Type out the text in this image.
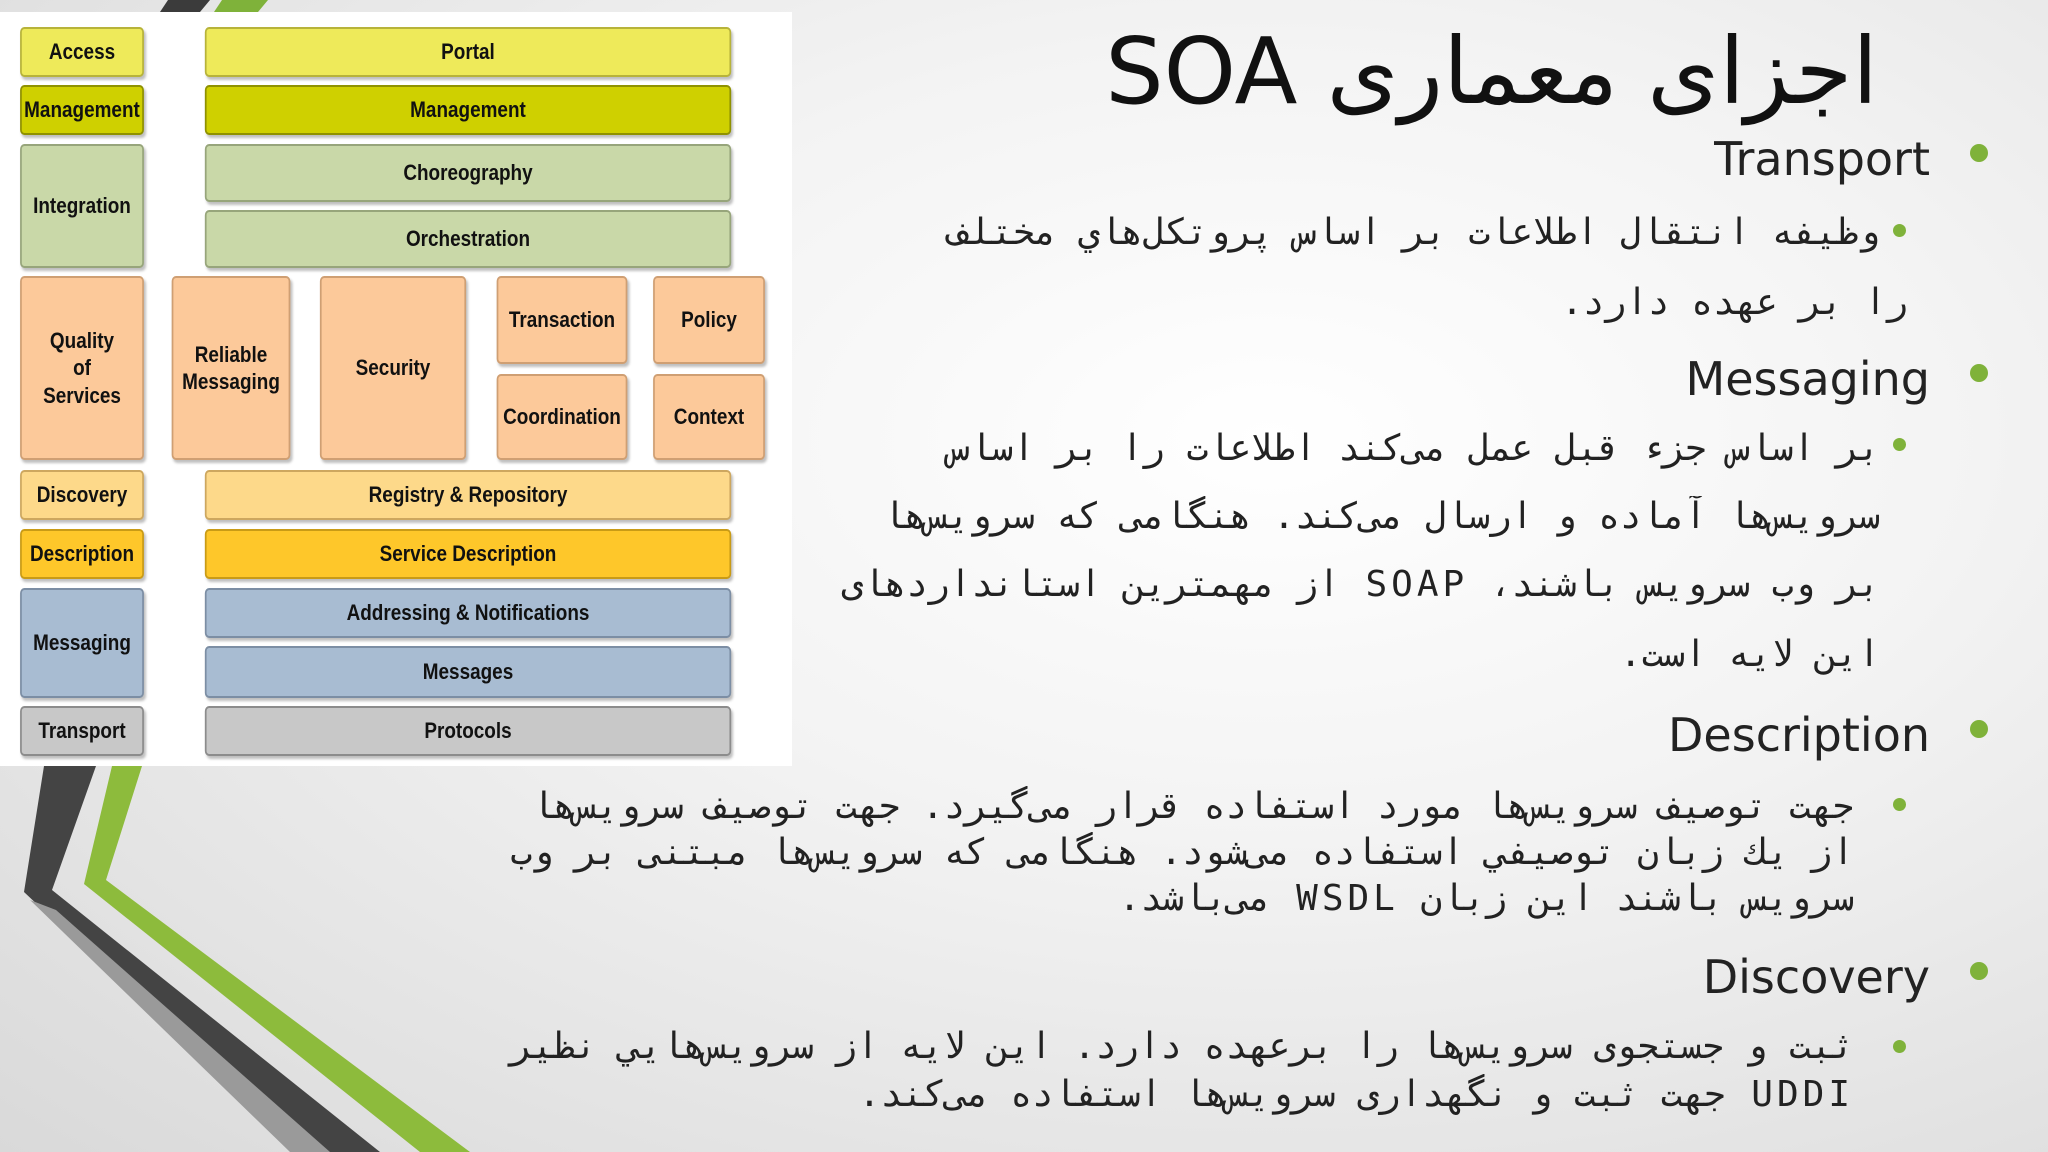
Access
Management
Integration
Quality
of
Services
Discovery
Description
Messaging
Transport
Portal
Management
Choreography
Orchestration
Reliable
Messaging
Security
Transaction	Policy
Coordination	Context
Registry & Repository
Service Description
Addressing & Notifications
Messages
Protocols
اجزای معماری SOA
Transport

وظیفه انتقال اطلاعات بر اساس پروتکل‌هاي مختلف

را بر عهده دارد.

Messaging

بر اساس جزء قبل عمل می‌کند اطلاعات را بر اساس

سرویس‌ها آماده و ارسال می‌کند. هنگامی که سرویس‌ها

بر وب سرویس باشند، SOAP از مهمترین استاندارد‌های

این لایه است.

Description

جهت توصیف سرویس‌ها مورد استفاده قرار می‌گیرد. جهت توصیف سرویس‌ها

از يك زبان توصیفي استفاده می‌شود. هنگامی که سرویس‌ها مبتنی بر وب

سرویس باشند این زبان WSDL می‌باشد.

Discovery

ثبت و جستجوی سرویس‌ها را برعهده دارد. این لایه از سرویس‌هایي نظیر

UDDI جهت ثبت و نگهداری سرویس‌ها استفاده می‌کند.
